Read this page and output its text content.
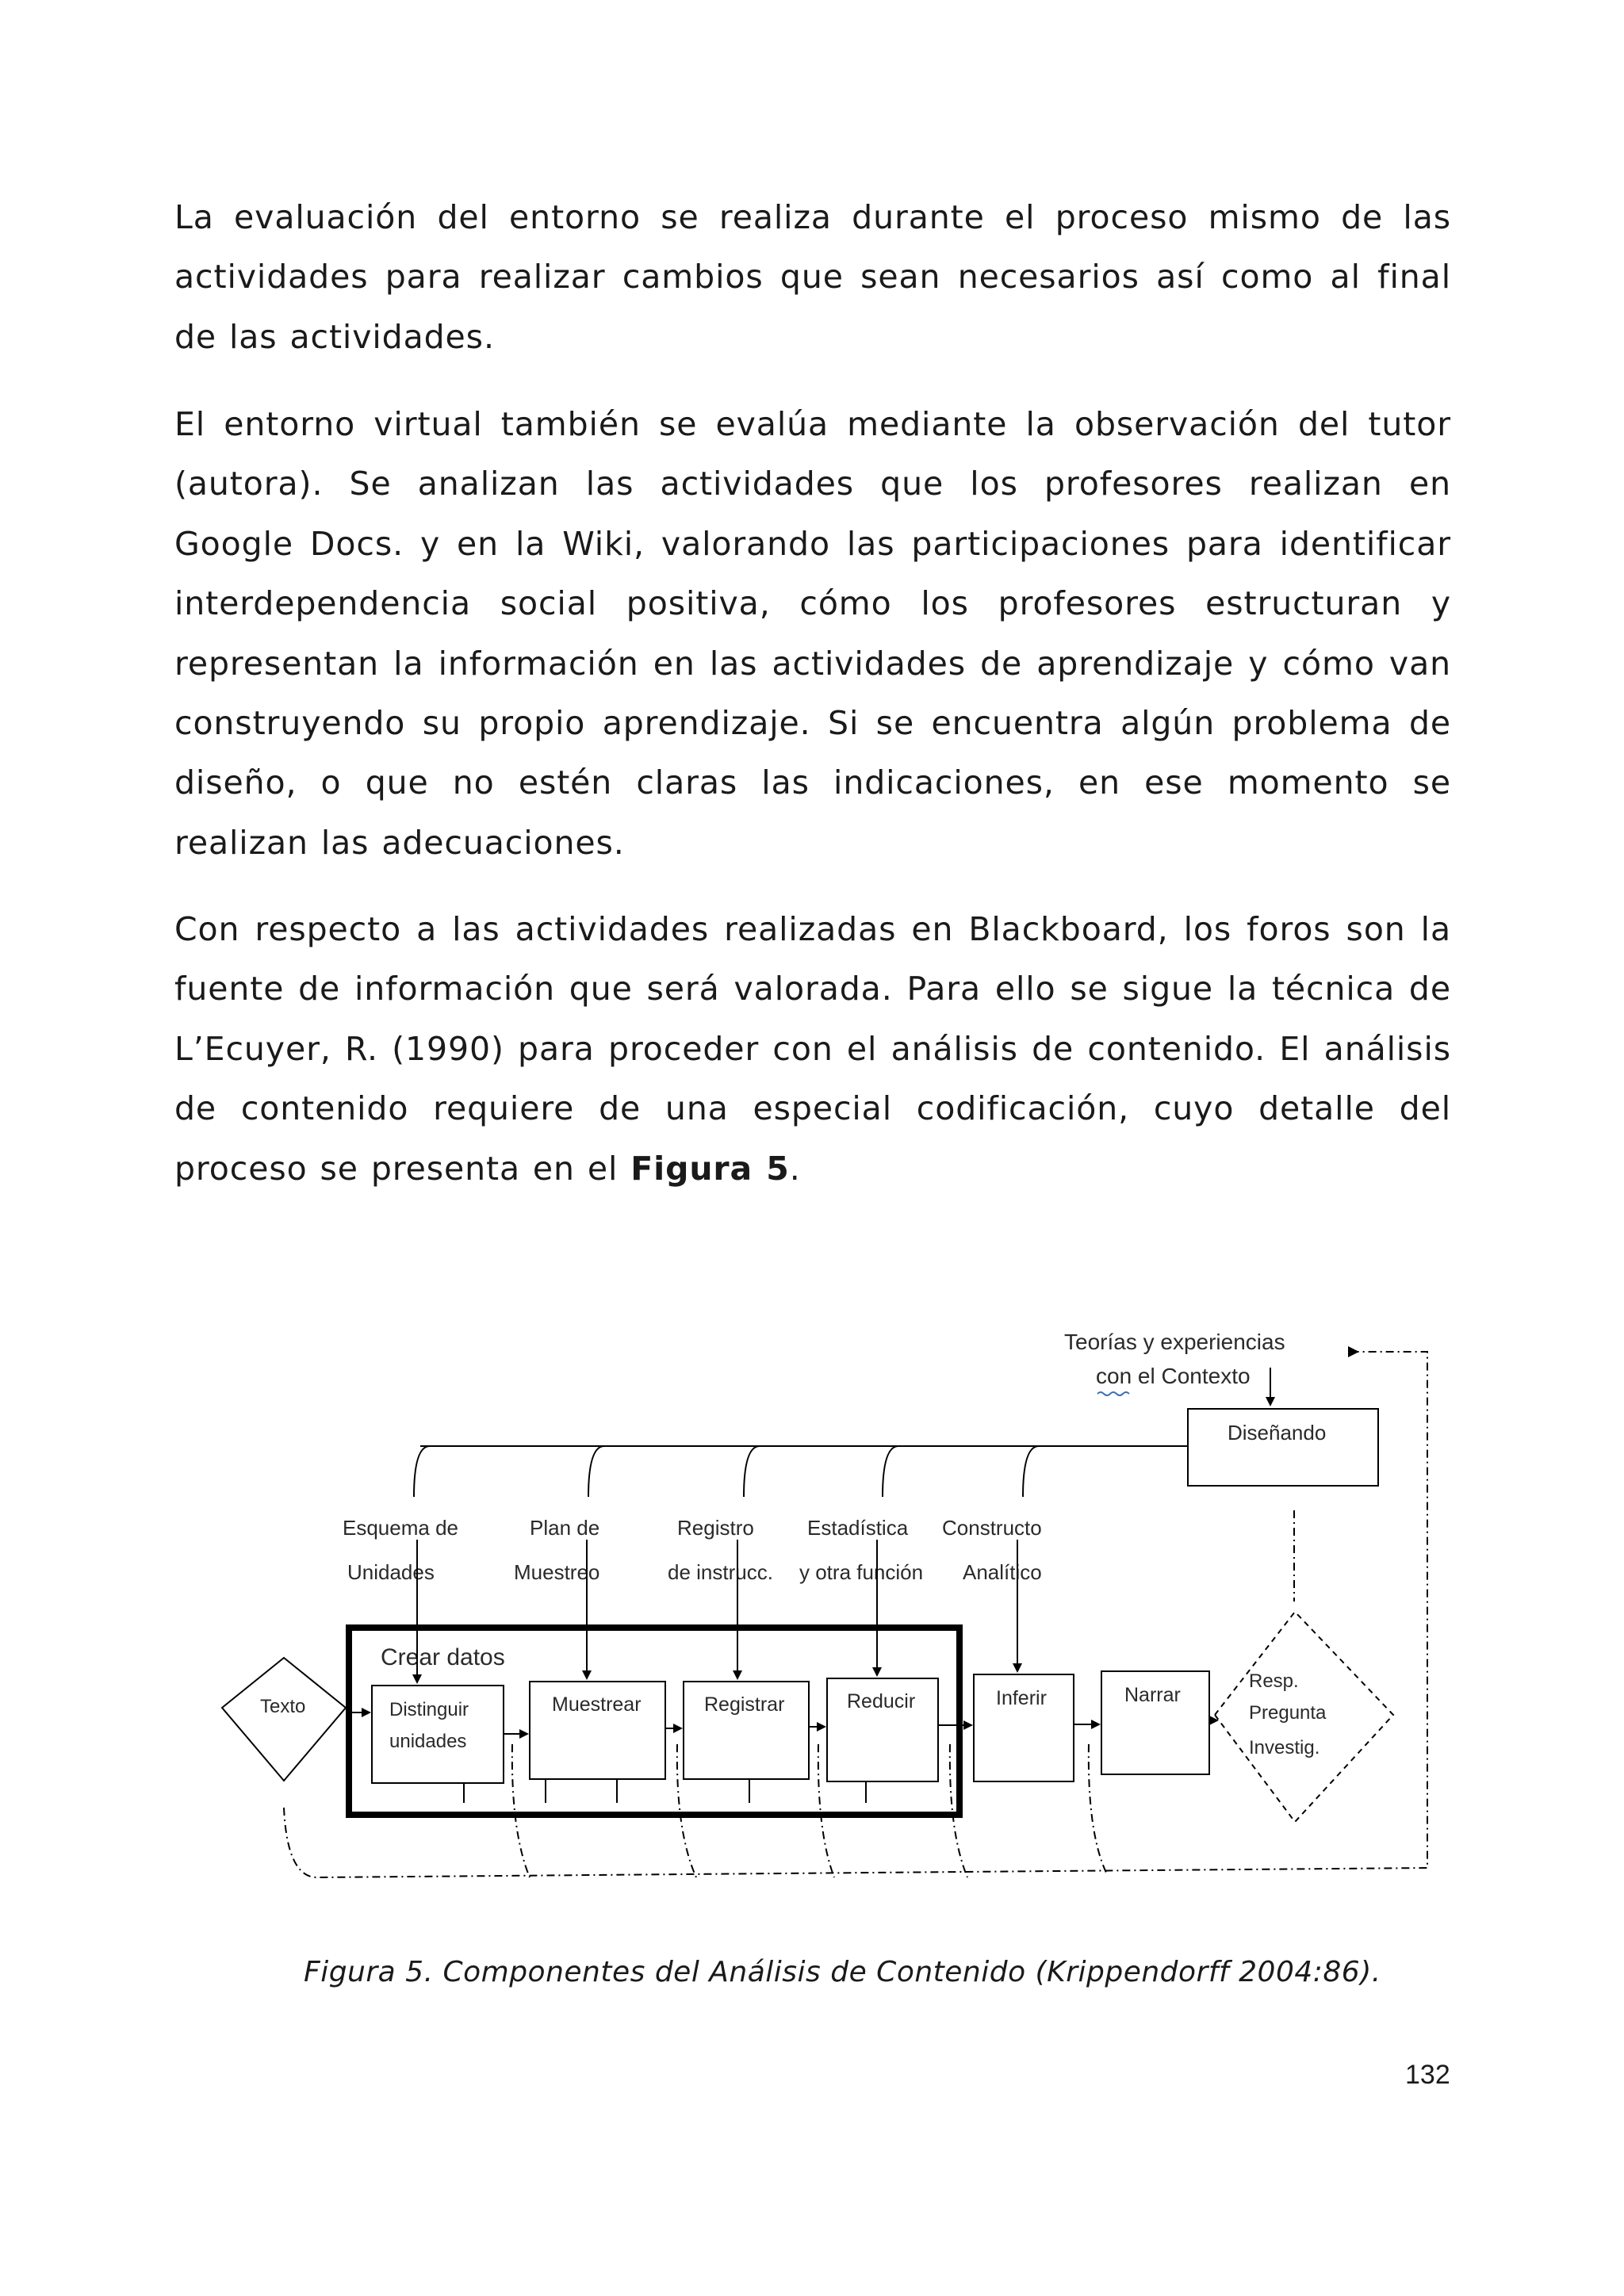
La evaluación del entorno se realiza durante el proceso mismo de las actividades para realizar cambios que sean necesarios así como al final de las actividades.

El entorno virtual también se evalúa mediante la observación del tutor (autora). Se analizan las actividades que los profesores realizan en Google Docs. y en la Wiki, valorando las participaciones para identificar interdependencia social positiva, cómo los profesores estructuran y representan la información en las actividades de aprendizaje y cómo van construyendo su propio aprendizaje. Si se encuentra algún problema de diseño, o que no estén claras las indicaciones, en ese momento se realizan las adecuaciones.

Con respecto a las actividades realizadas en Blackboard, los foros son la fuente de información que será valorada. Para ello se sigue la técnica de L’Ecuyer, R. (1990) para proceder con el análisis de contenido. El análisis de contenido requiere de una especial codificación, cuyo detalle del proceso se presenta en el Figura 5.

Teorías y experiencias
con el Contexto
Diseñando
Esquema de
Unidades
Plan de
Muestreo
Registro
de instrucc.
Estadística
y otra función
Constructo
Analítico
Crear datos
Texto	Distinguir
unidades
Muestrear	Registrar	Reducir	Inferir	Narrar
Resp.
Pregunta
Investig.

Figura 5. Componentes del Análisis de Contenido (Krippendorff 2004:86).

132
